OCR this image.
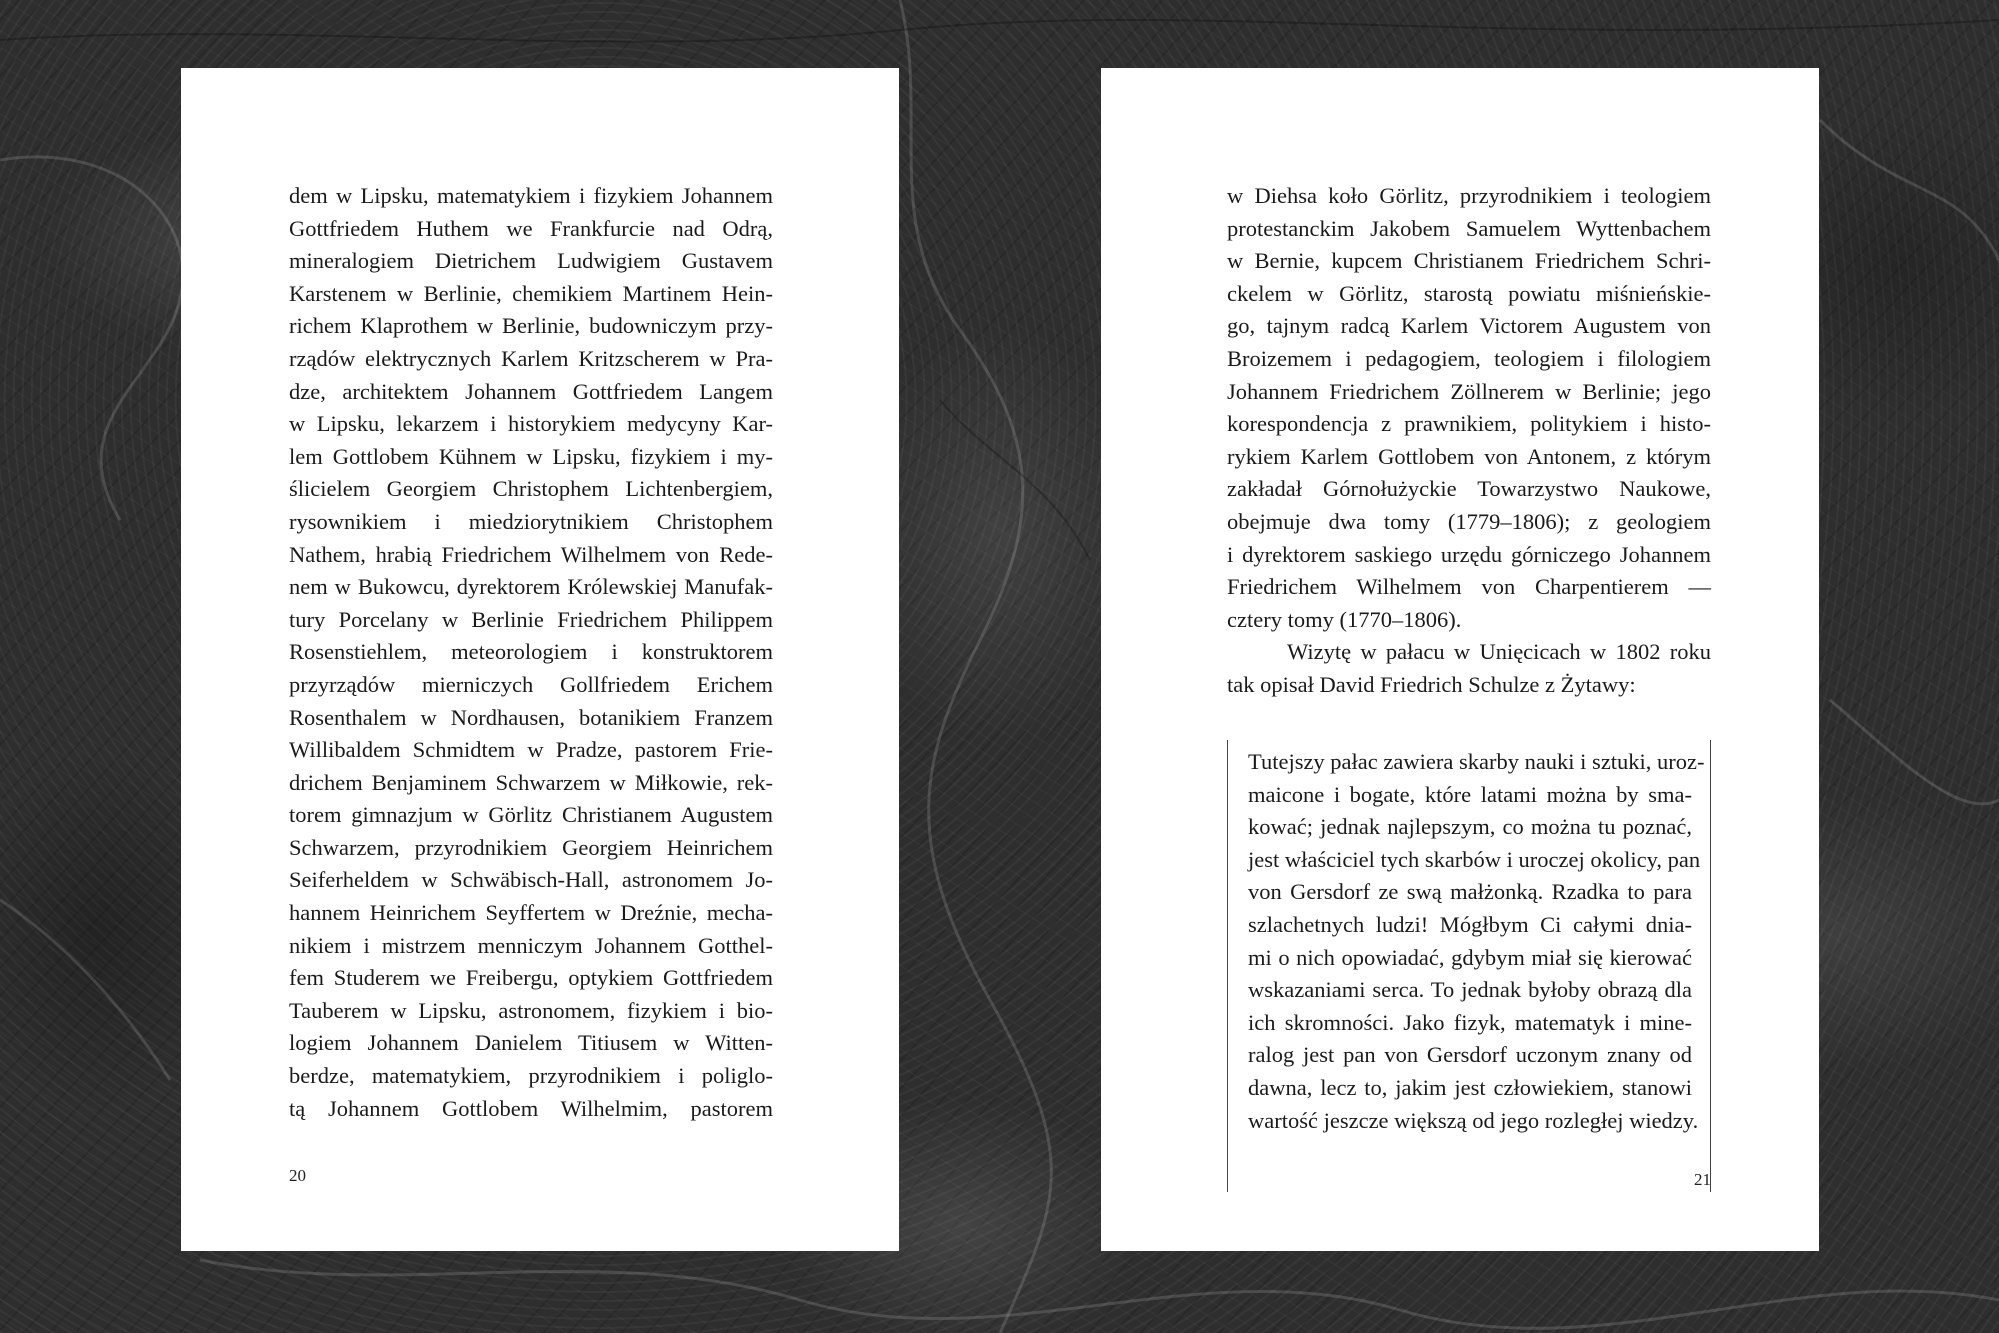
dem w Lipsku, matematykiem i fizykiem Johannem
Gottfriedem Huthem we Frankfurcie nad Odrą,
mineralogiem Dietrichem Ludwigiem Gustavem
Karstenem w Berlinie, chemikiem Martinem Hein-
richem Klaprothem w Berlinie, budowniczym przy-
rządów elektrycznych Karlem Kritzscherem w Pra-
dze, architektem Johannem Gottfriedem Langem
w Lipsku, lekarzem i historykiem medycyny Kar-
lem Gottlobem Kühnem w Lipsku, fizykiem i my-
ślicielem Georgiem Christophem Lichtenbergiem,
rysownikiem i miedziorytnikiem Christophem
Nathem, hrabią Friedrichem Wilhelmem von Rede-
nem w Bukowcu, dyrektorem Królewskiej Manufak-
tury Porcelany w Berlinie Friedrichem Philippem
Rosenstiehlem, meteorologiem i konstruktorem
przyrządów mierniczych Gollfriedem Erichem
Rosenthalem w Nordhausen, botanikiem Franzem
Willibaldem Schmidtem w Pradze, pastorem Frie-
drichem Benjaminem Schwarzem w Miłkowie, rek-
torem gimnazjum w Görlitz Christianem Augustem
Schwarzem, przyrodnikiem Georgiem Heinrichem
Seiferheldem w Schwäbisch-Hall, astronomem Jo-
hannem Heinrichem Seyffertem w Dreźnie, mecha-
nikiem i mistrzem menniczym Johannem Gotthel-
fem Studerem we Freibergu, optykiem Gottfriedem
Tauberem w Lipsku, astronomem, fizykiem i bio-
logiem Johannem Danielem Titiusem w Witten-
berdze, matematykiem, przyrodnikiem i poliglo-
tą Johannem Gottlobem Wilhelmim, pastorem
20
w Diehsa koło Görlitz, przyrodnikiem i teologiem
protestanckim Jakobem Samuelem Wyttenbachem
w Bernie, kupcem Christianem Friedrichem Schri-
ckelem w Görlitz, starostą powiatu miśnieńskie-
go, tajnym radcą Karlem Victorem Augustem von
Broizemem i pedagogiem, teologiem i filologiem
Johannem Friedrichem Zöllnerem w Berlinie; jego
korespondencja z prawnikiem, politykiem i histo-
rykiem Karlem Gottlobem von Antonem, z którym
zakładał Górnołużyckie Towarzystwo Naukowe,
obejmuje dwa tomy (1779–1806); z geologiem
i dyrektorem saskiego urzędu górniczego Johannem
Friedrichem Wilhelmem von Charpentierem —
cztery tomy (1770–1806).
Wizytę w pałacu w Unięcicach w 1802 roku
tak opisał David Friedrich Schulze z Żytawy:
Tutejszy pałac zawiera skarby nauki i sztuki, uroz-
maicone i bogate, które latami można by sma-
kować; jednak najlepszym, co można tu poznać,
jest właściciel tych skarbów i uroczej okolicy, pan
von Gersdorf ze swą małżonką. Rzadka to para
szlachetnych ludzi! Mógłbym Ci całymi dnia-
mi o nich opowiadać, gdybym miał się kierować
wskazaniami serca. To jednak byłoby obrazą dla
ich skromności. Jako fizyk, matematyk i mine-
ralog jest pan von Gersdorf uczonym znany od
dawna, lecz to, jakim jest człowiekiem, stanowi
wartość jeszcze większą od jego rozległej wiedzy.
21
